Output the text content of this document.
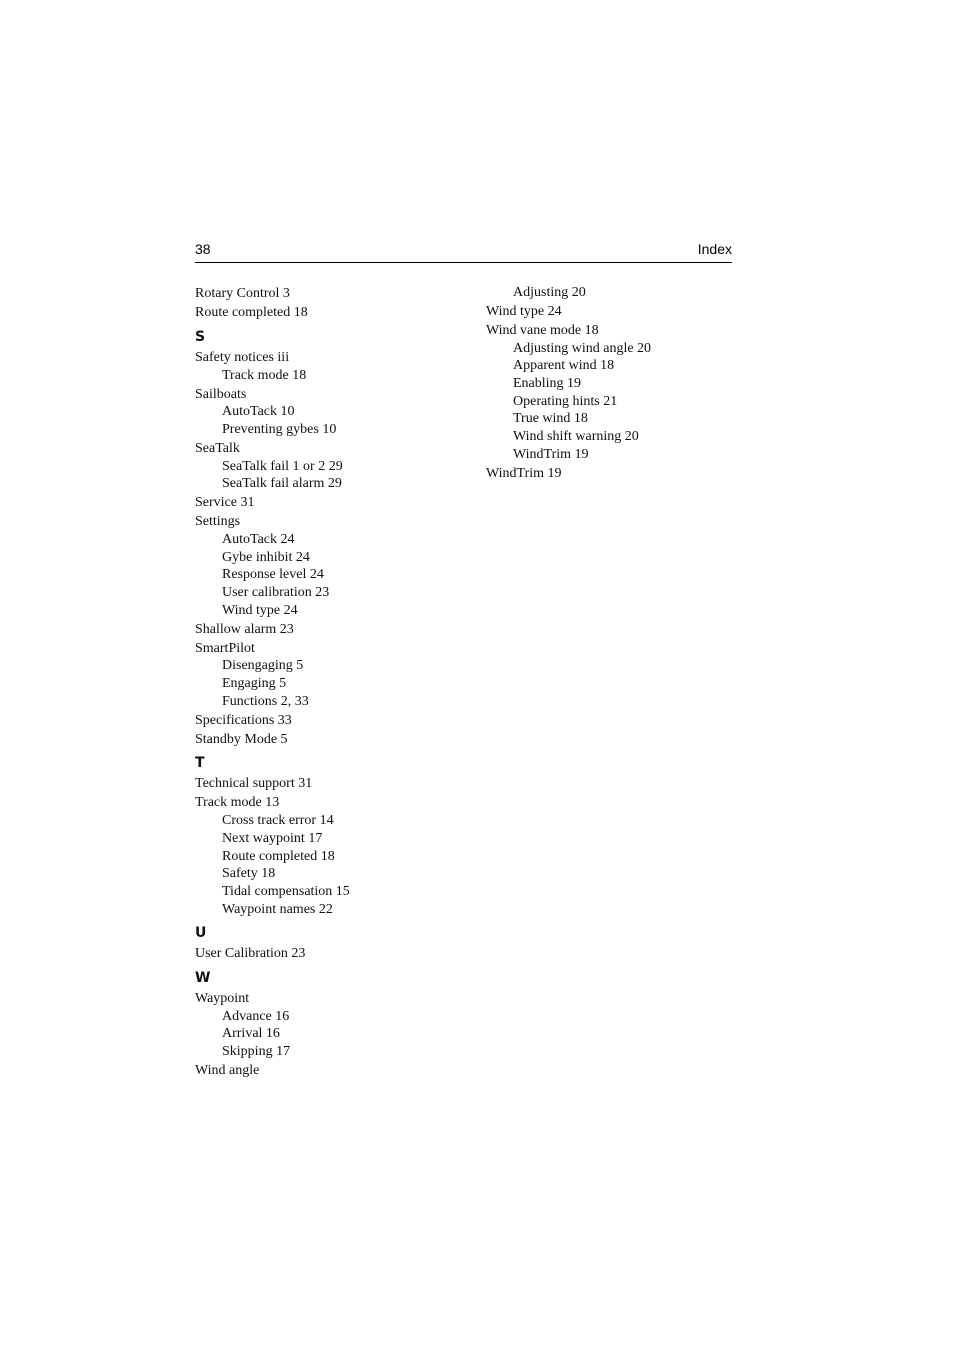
38	Index
Rotary Control 3
Route completed 18
S
Safety notices iii
Track mode 18
Sailboats
AutoTack 10
Preventing gybes 10
SeaTalk
SeaTalk fail 1 or 2 29
SeaTalk fail alarm 29
Service 31
Settings
AutoTack 24
Gybe inhibit 24
Response level 24
User calibration 23
Wind type 24
Shallow alarm 23
SmartPilot
Disengaging 5
Engaging 5
Functions 2, 33
Specifications 33
Standby Mode 5
T
Technical support 31
Track mode 13
Cross track error 14
Next waypoint 17
Route completed 18
Safety 18
Tidal compensation 15
Waypoint names 22
U
User Calibration 23
W
Waypoint
Advance 16
Arrival 16
Skipping 17
Wind angle
Adjusting 20
Wind type 24
Wind vane mode 18
Adjusting wind angle 20
Apparent wind 18
Enabling 19
Operating hints 21
True wind 18
Wind shift warning 20
WindTrim 19
WindTrim 19
